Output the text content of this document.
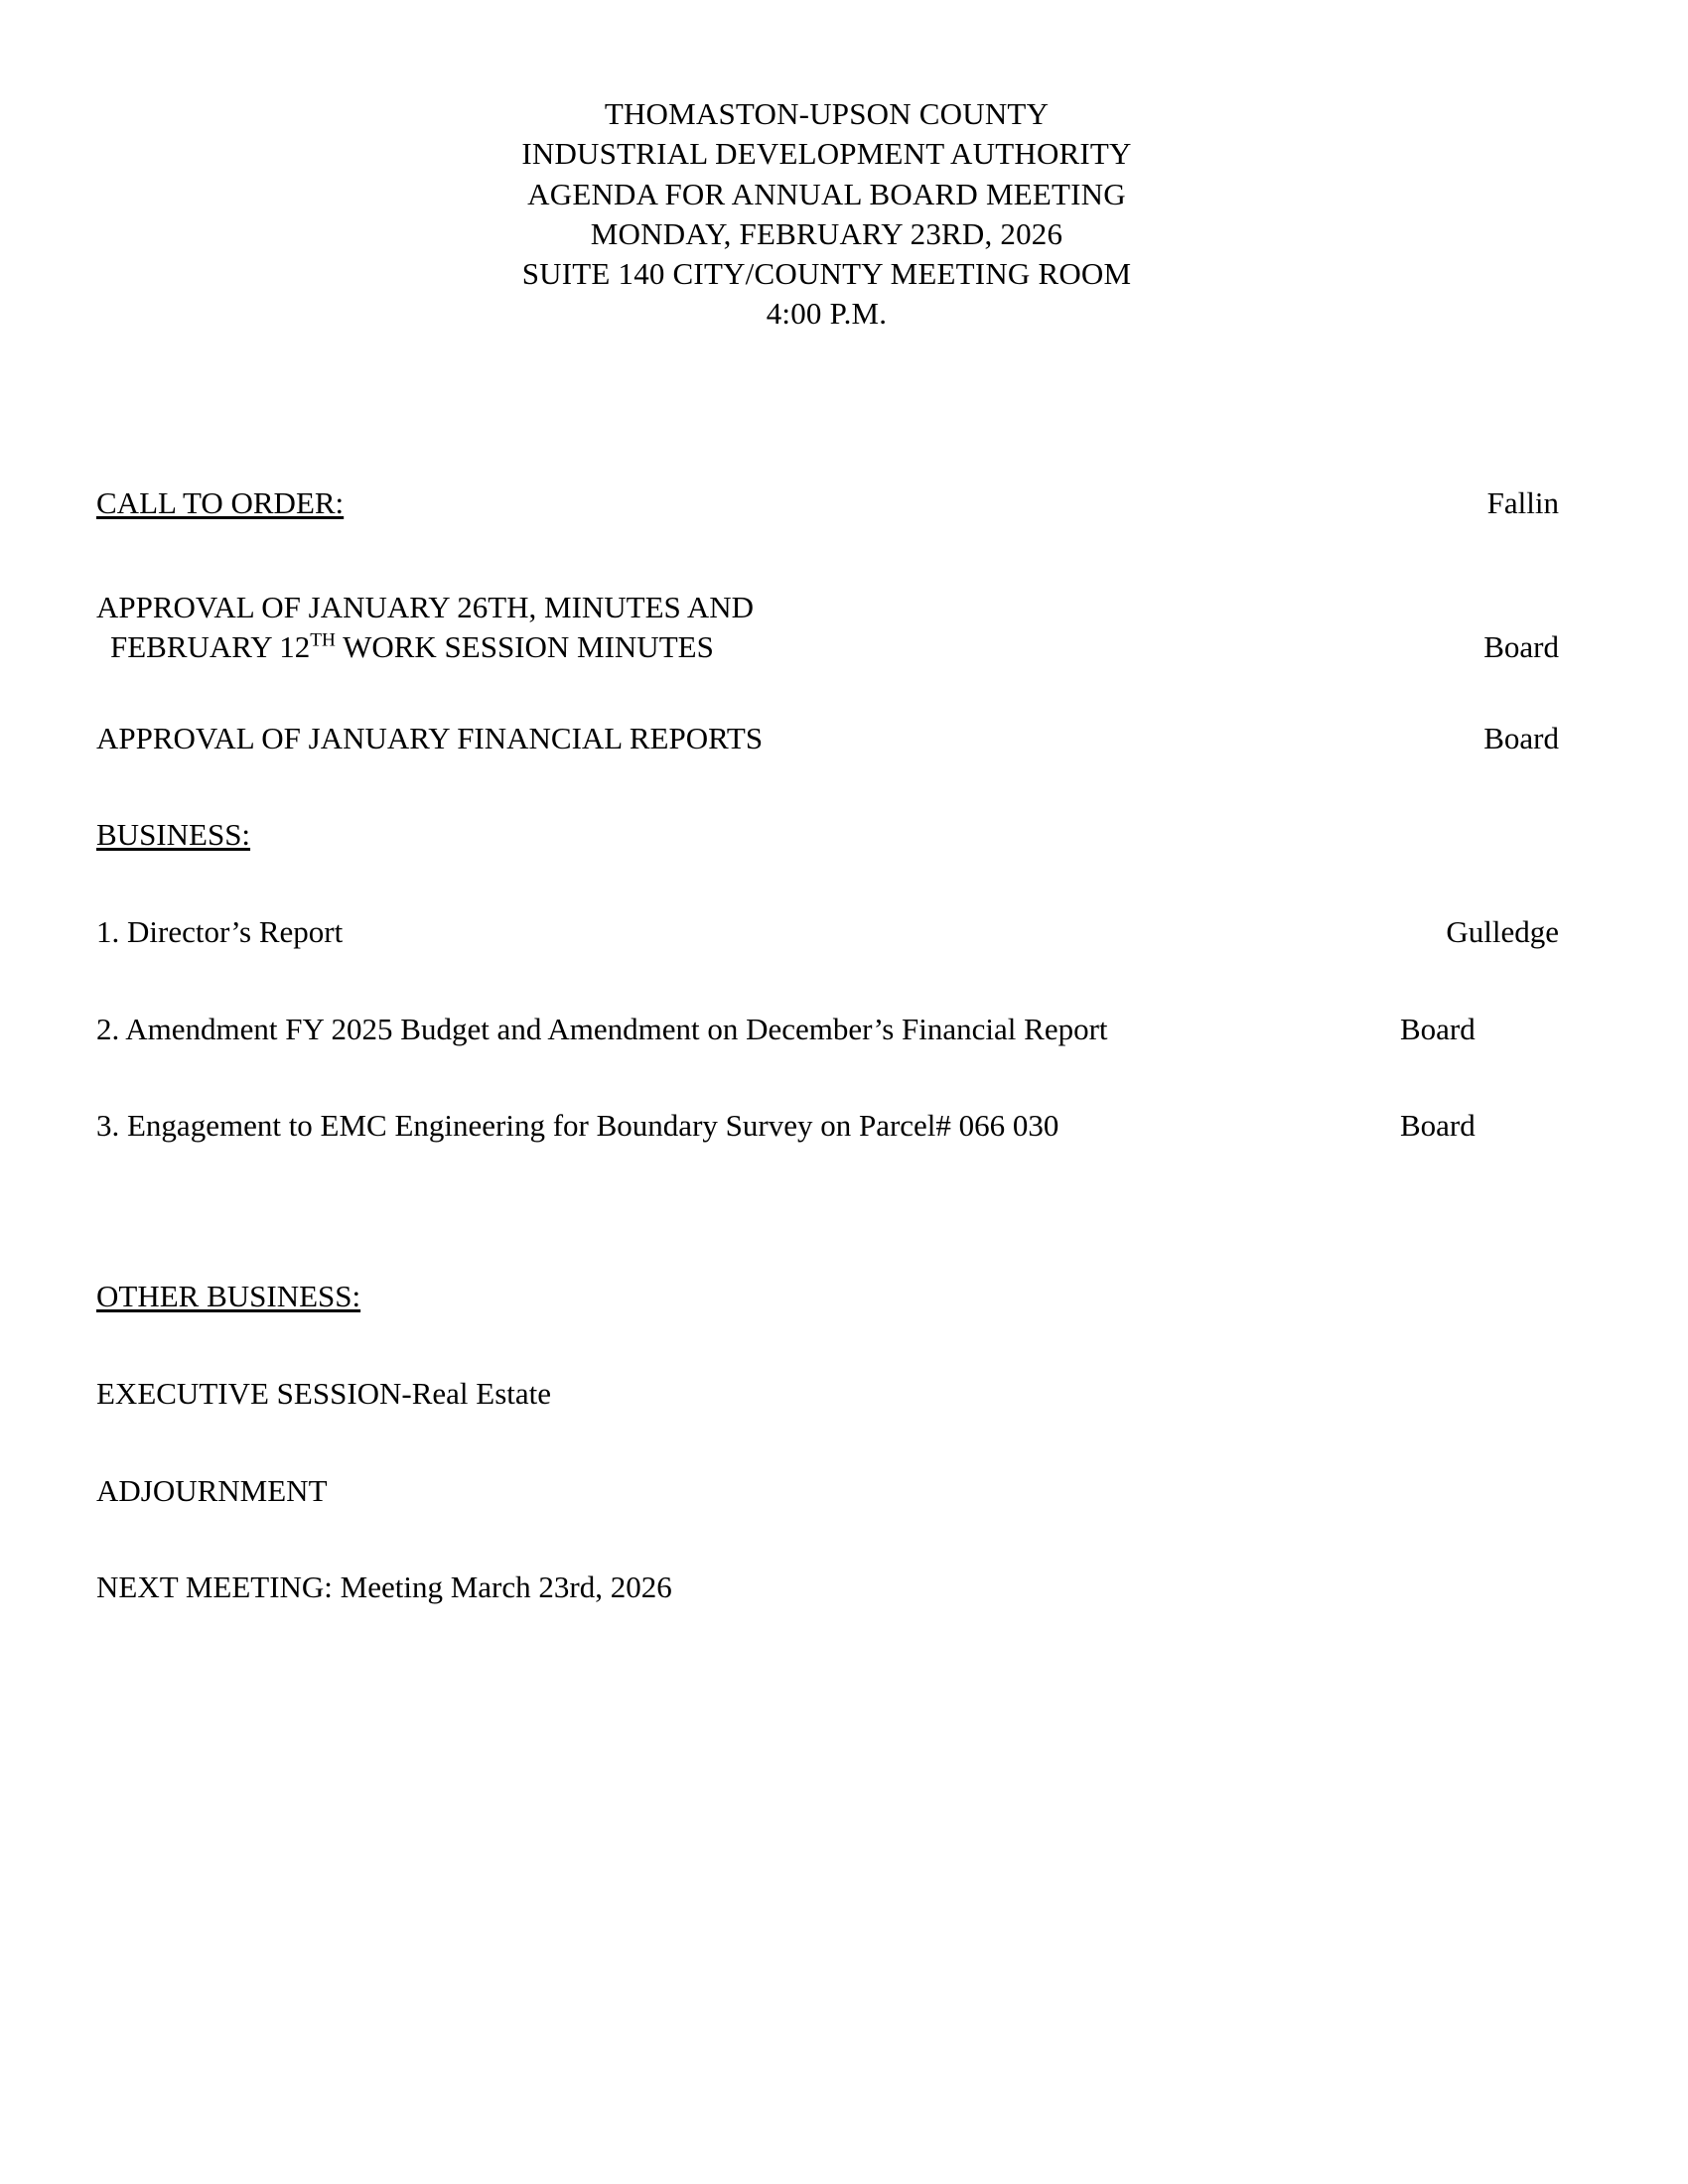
THOMASTON-UPSON COUNTY
INDUSTRIAL DEVELOPMENT AUTHORITY
AGENDA FOR ANNUAL BOARD MEETING
MONDAY, FEBRUARY 23RD, 2026
SUITE 140 CITY/COUNTY MEETING ROOM
4:00 P.M.
CALL TO ORDER:	Fallin
APPROVAL OF JANUARY 26TH, MINUTES AND
FEBRUARY 12TH WORK SESSION MINUTES	Board
APPROVAL OF JANUARY FINANCIAL REPORTS	Board
BUSINESS:
1. Director’s Report	Gulledge
2. Amendment FY 2025 Budget and Amendment on December’s Financial Report	Board
3. Engagement to EMC Engineering for Boundary Survey on Parcel# 066 030	Board
OTHER BUSINESS:
EXECUTIVE SESSION-Real Estate
ADJOURNMENT
NEXT MEETING: Meeting March 23rd, 2026
